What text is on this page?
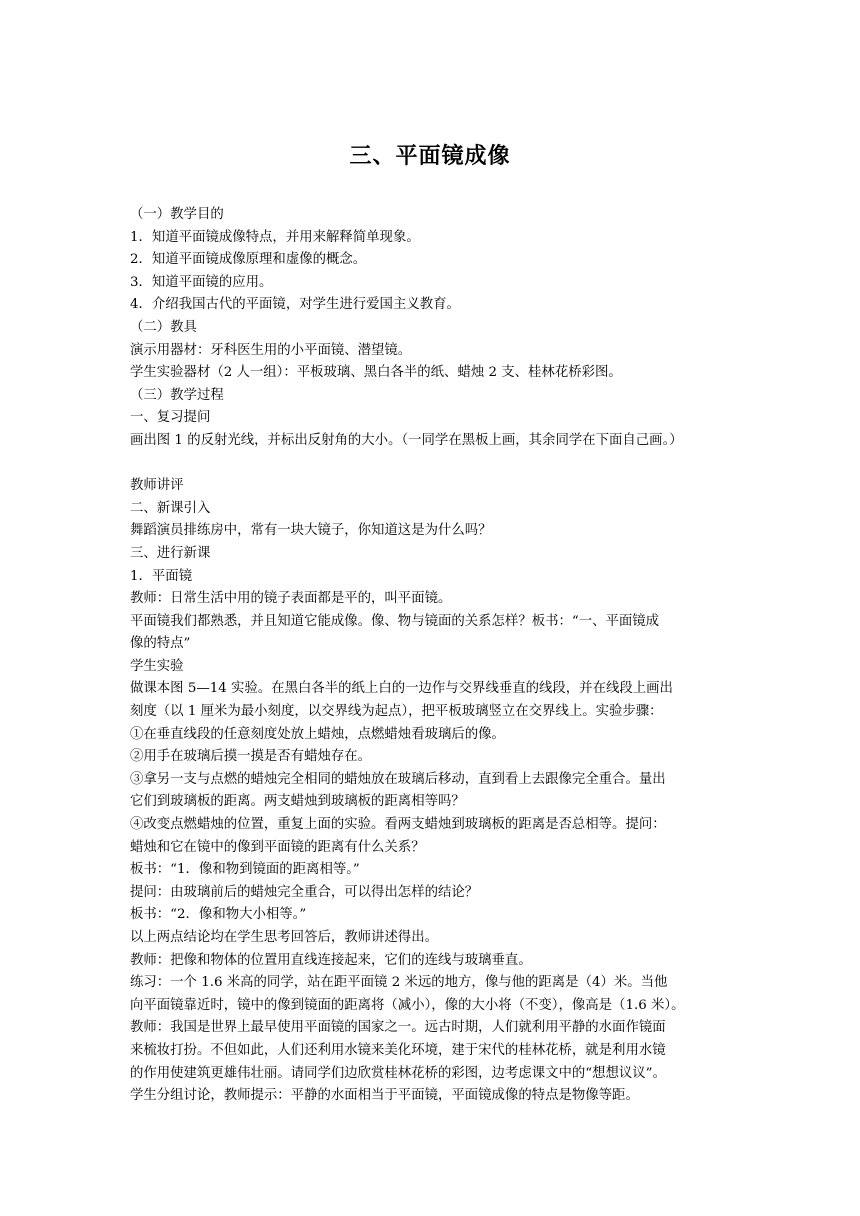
三、平面镜成像
（一）教学目的
1．知道平面镜成像特点，并用来解释简单现象。
2．知道平面镜成像原理和虚像的概念。
3．知道平面镜的应用。
4．介绍我国古代的平面镜，对学生进行爱国主义教育。
（二）教具
演示用器材：牙科医生用的小平面镜、潜望镜。
学生实验器材（2 人一组）：平板玻璃、黑白各半的纸、蜡烛 2 支、桂林花桥彩图。
（三）教学过程
一、复习提问
画出图 1 的反射光线，并标出反射角的大小。（一同学在黑板上画，其余同学在下面自己画。）
教师讲评
二、新课引入
舞蹈演员排练房中，常有一块大镜子，你知道这是为什么吗？
三、进行新课
1．平面镜
教师：日常生活中用的镜子表面都是平的，叫平面镜。
平面镜我们都熟悉，并且知道它能成像。像、物与镜面的关系怎样？板书：“一、平面镜成
像的特点”
学生实验
做课本图 5—14 实验。在黑白各半的纸上白的一边作与交界线垂直的线段，并在线段上画出
刻度（以 1 厘米为最小刻度，以交界线为起点），把平板玻璃竖立在交界线上。实验步骤：
①在垂直线段的任意刻度处放上蜡烛，点燃蜡烛看玻璃后的像。
②用手在玻璃后摸一摸是否有蜡烛存在。
③拿另一支与点燃的蜡烛完全相同的蜡烛放在玻璃后移动，直到看上去跟像完全重合。量出
它们到玻璃板的距离。两支蜡烛到玻璃板的距离相等吗？
④改变点燃蜡烛的位置，重复上面的实验。看两支蜡烛到玻璃板的距离是否总相等。提问：
蜡烛和它在镜中的像到平面镜的距离有什么关系？
板书：“1．像和物到镜面的距离相等。”
提问：由玻璃前后的蜡烛完全重合，可以得出怎样的结论？
板书：“2．像和物大小相等。”
以上两点结论均在学生思考回答后，教师讲述得出。
教师：把像和物体的位置用直线连接起来，它们的连线与玻璃垂直。
练习：一个 1.6 米高的同学，站在距平面镜 2 米远的地方，像与他的距离是（4）米。当他
向平面镜靠近时，镜中的像到镜面的距离将（减小），像的大小将（不变），像高是（1.6 米）。
教师：我国是世界上最早使用平面镜的国家之一。远古时期，人们就利用平静的水面作镜面
来梳妆打扮。不但如此，人们还利用水镜来美化环境，建于宋代的桂林花桥，就是利用水镜
的作用使建筑更雄伟壮丽。请同学们边欣赏桂林花桥的彩图，边考虑课文中的“想想议议”。
学生分组讨论，教师提示：平静的水面相当于平面镜，平面镜成像的特点是物像等距。
